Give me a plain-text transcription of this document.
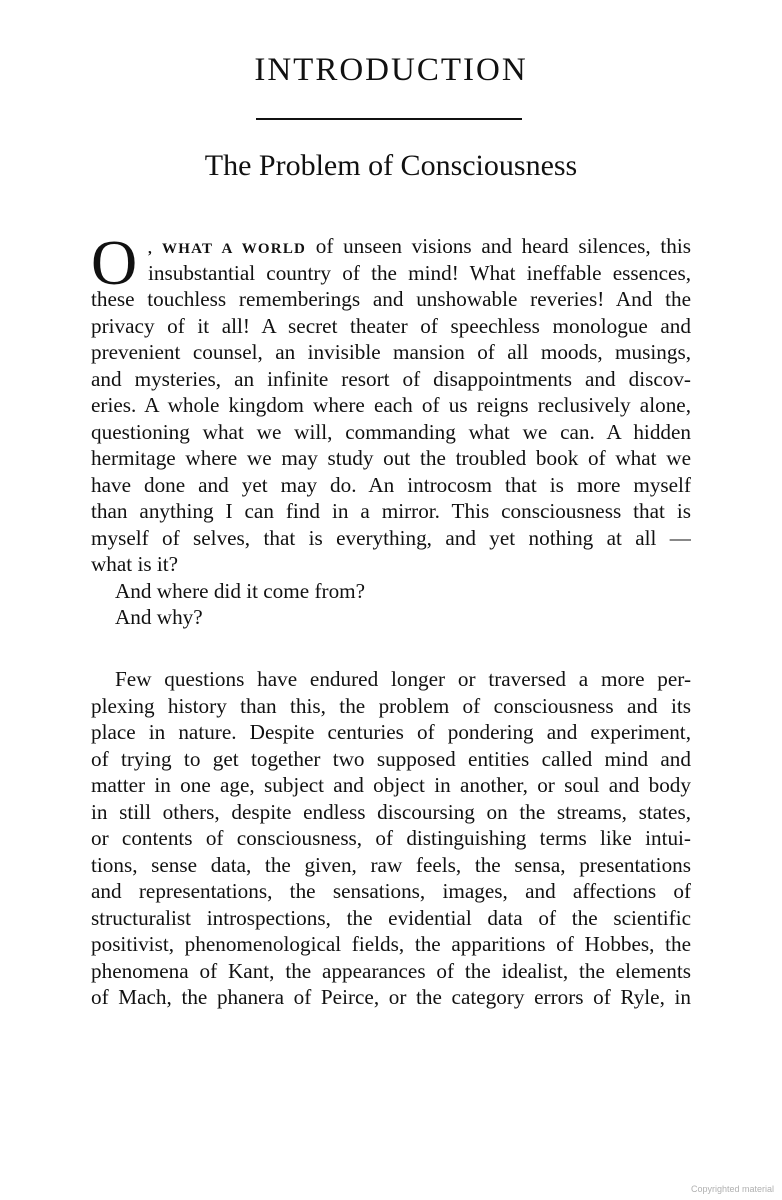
INTRODUCTION
The Problem of Consciousness
O , WHAT A WORLD of unseen visions and heard silences, this
insubstantial country of the mind! What ineffable essences,
these touchless rememberings and unshowable reveries! And the
privacy of it all! A secret theater of speechless monologue and
prevenient counsel, an invisible mansion of all moods, musings,
and mysteries, an infinite resort of disappointments and discov-
eries. A whole kingdom where each of us reigns reclusively alone,
questioning what we will, commanding what we can. A hidden
hermitage where we may study out the troubled book of what we
have done and yet may do. An introcosm that is more myself
than anything I can find in a mirror. This consciousness that is
myself of selves, that is everything, and yet nothing at all —
what is it?
And where did it come from?
And why?
Few questions have endured longer or traversed a more per-
plexing history than this, the problem of consciousness and its
place in nature. Despite centuries of pondering and experiment,
of trying to get together two supposed entities called mind and
matter in one age, subject and object in another, or soul and body
in still others, despite endless discoursing on the streams, states,
or contents of consciousness, of distinguishing terms like intui-
tions, sense data, the given, raw feels, the sensa, presentations
and representations, the sensations, images, and affections of
structuralist introspections, the evidential data of the scientific
positivist, phenomenological fields, the apparitions of Hobbes, the
phenomena of Kant, the appearances of the idealist, the elements
of Mach, the phanera of Peirce, or the category errors of Ryle, in
Copyrighted material
